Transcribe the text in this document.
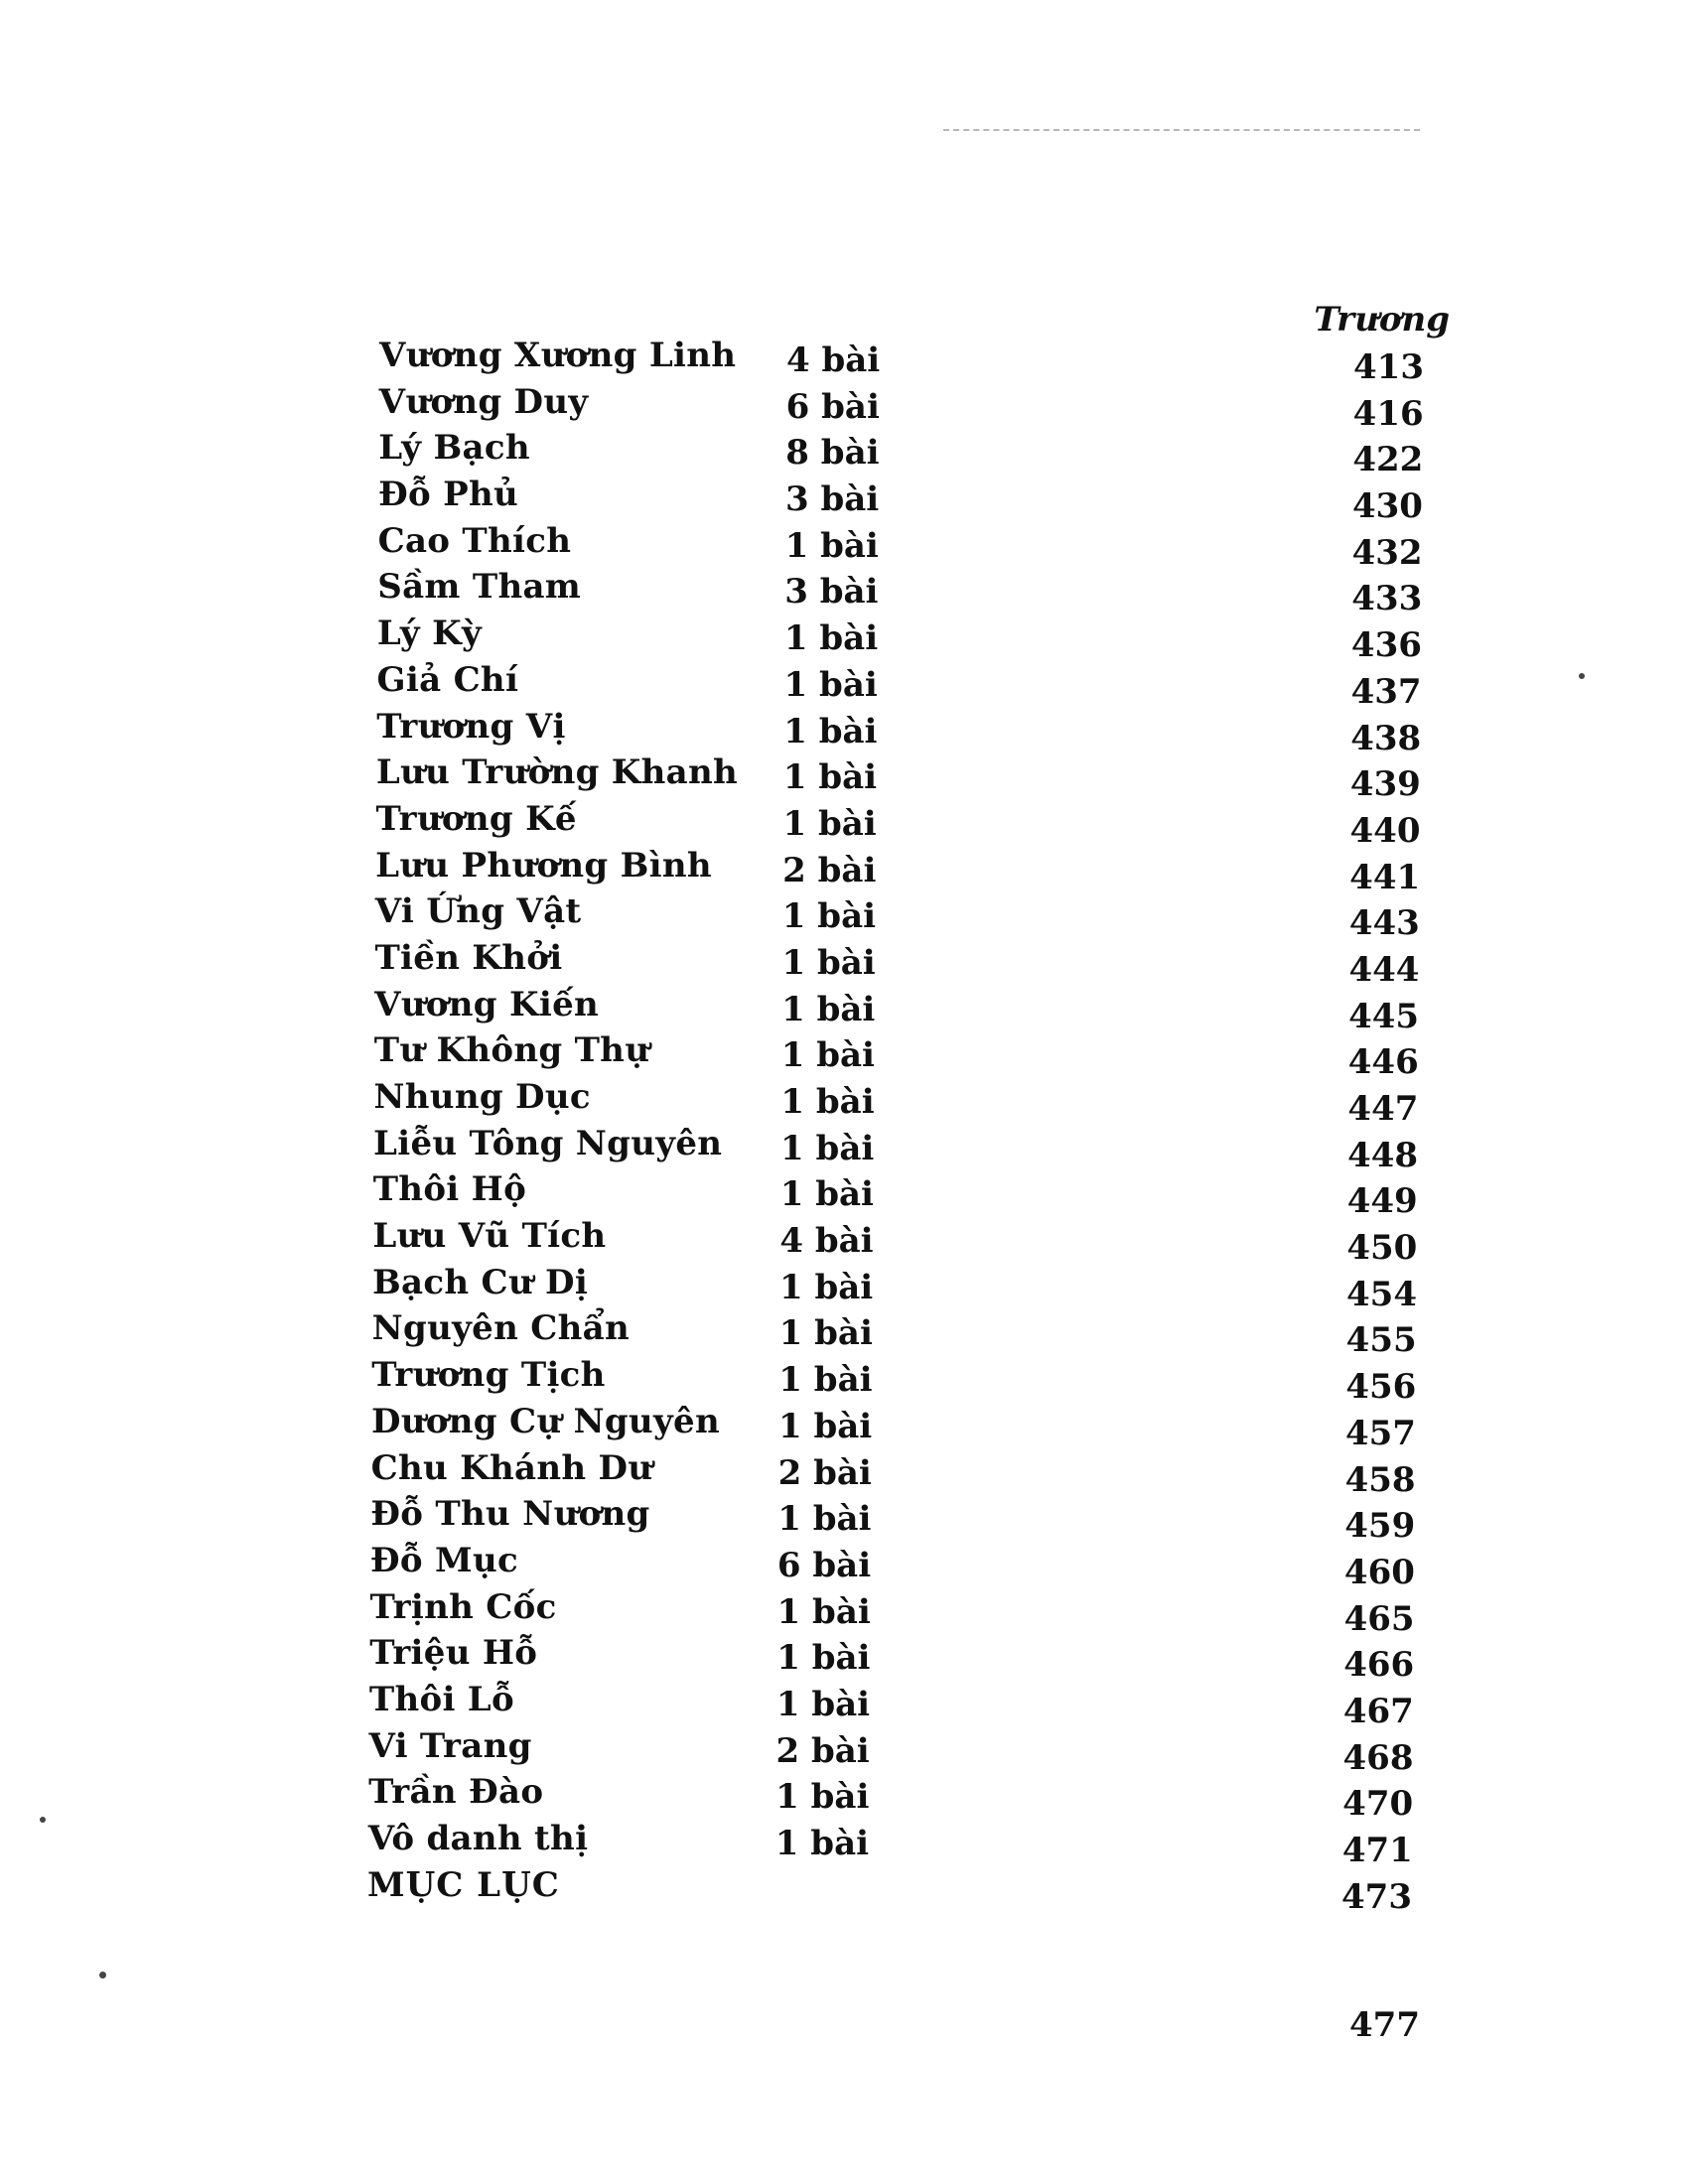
Trương
Vương Xương Linh 4 bài	413
Vương Duy	6 bài	416
Lý Bạch	8 bài	422
Đỗ Phủ	3 bài	430
Cao Thích	1 bài	432
Sầm Tham	3 bài	433
Lý Kỳ	1 bài	436
Giả Chí	1 bài	437
Trương Vị	1 bài	438
Lưu Trường Khanh 1 bài	439
Trương Kế	1 bài	440
Lưu Phương Bình 2 bài	441
Vi Ứng Vật	1 bài	443
Tiền Khởi	1 bài	444
Vương Kiến	1 bài	445
Tư Không Thự	1 bài	446
Nhung Dục	1 bài	447
Liễu Tông Nguyên 1 bài	448
Thôi Hộ	1 bài	449
Lưu Vũ Tích	4 bài	450
Bạch Cư Dị	1 bài	454
Nguyên Chẩn	1 bài	455
Trương Tịch	1 bài	456
Dương Cự Nguyên 1 bài	457
Chu Khánh Dư	2 bài	458
Đỗ Thu Nương	1 bài	459
Đỗ Mục	6 bài	460
Trịnh Cốc	1 bài	465
Triệu Hỗ	1 bài	466
Thôi Lỗ	1 bài	467
Vi Trang	2 bài	468
Trần Đào	1 bài	470
Vô danh thị	1 bài	471
MỤC LỤC	473
477
